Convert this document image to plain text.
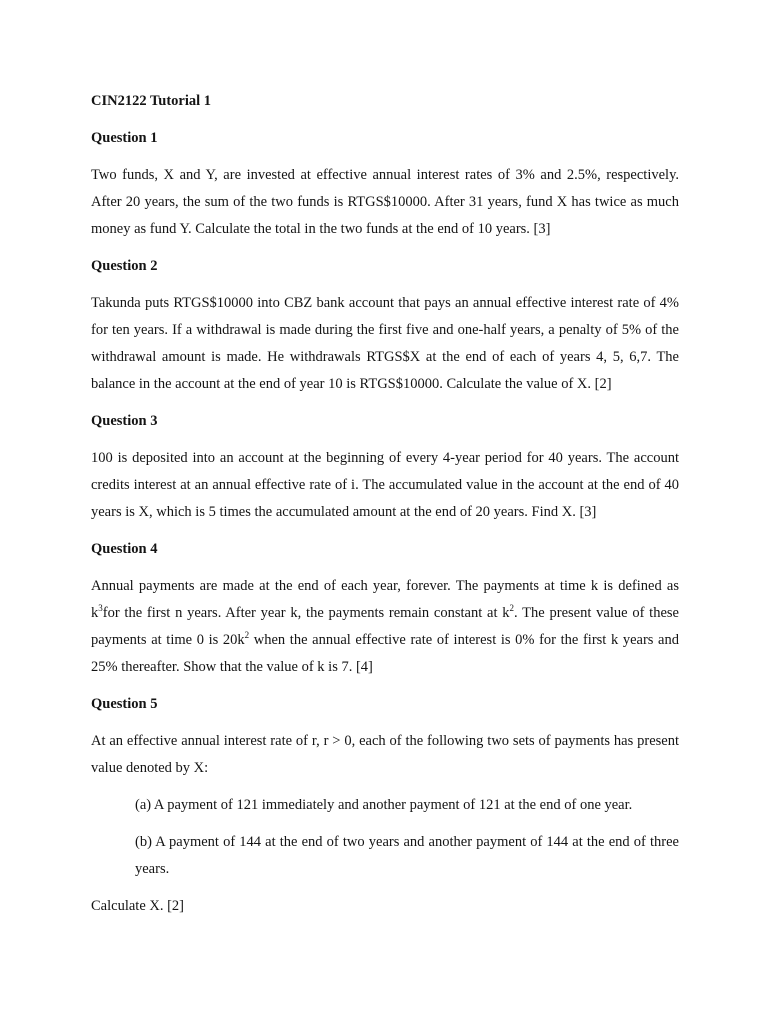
CIN2122 Tutorial 1

Question 1

Two funds, X and Y, are invested at effective annual interest rates of 3% and 2.5%, respectively. After 20 years, the sum of the two funds is RTGS$10000. After 31 years, fund X has twice as much money as fund Y. Calculate the total in the two funds at the end of 10 years. [3]

Question 2

Takunda puts RTGS$10000 into CBZ bank account that pays an annual effective interest rate of 4% for ten years. If a withdrawal is made during the first five and one-half years, a penalty of 5% of the withdrawal amount is made. He withdrawals RTGS$X at the end of each of years 4, 5, 6,7. The balance in the account at the end of year 10 is RTGS$10000. Calculate the value of X. [2]

Question 3

100 is deposited into an account at the beginning of every 4-year period for 40 years. The account credits interest at an annual effective rate of i. The accumulated value in the account at the end of 40 years is X, which is 5 times the accumulated amount at the end of 20 years. Find X. [3]

Question 4

Annual payments are made at the end of each year, forever. The payments at time k is defined as $k^3for$ the first n years. After year k, the payments remain constant at $k^2$. The present value of these payments at time 0 is $20k^2$ when the annual effective rate of interest is 0% for the first k years and 25% thereafter. Show that the value of k is 7. [4]

Question 5

At an effective annual interest rate of r, r > 0, each of the following two sets of payments has present value denoted by X:

(a) A payment of 121 immediately and another payment of 121 at the end of one year.

(b) A payment of 144 at the end of two years and another payment of 144 at the end of three years.

Calculate X. [2]
